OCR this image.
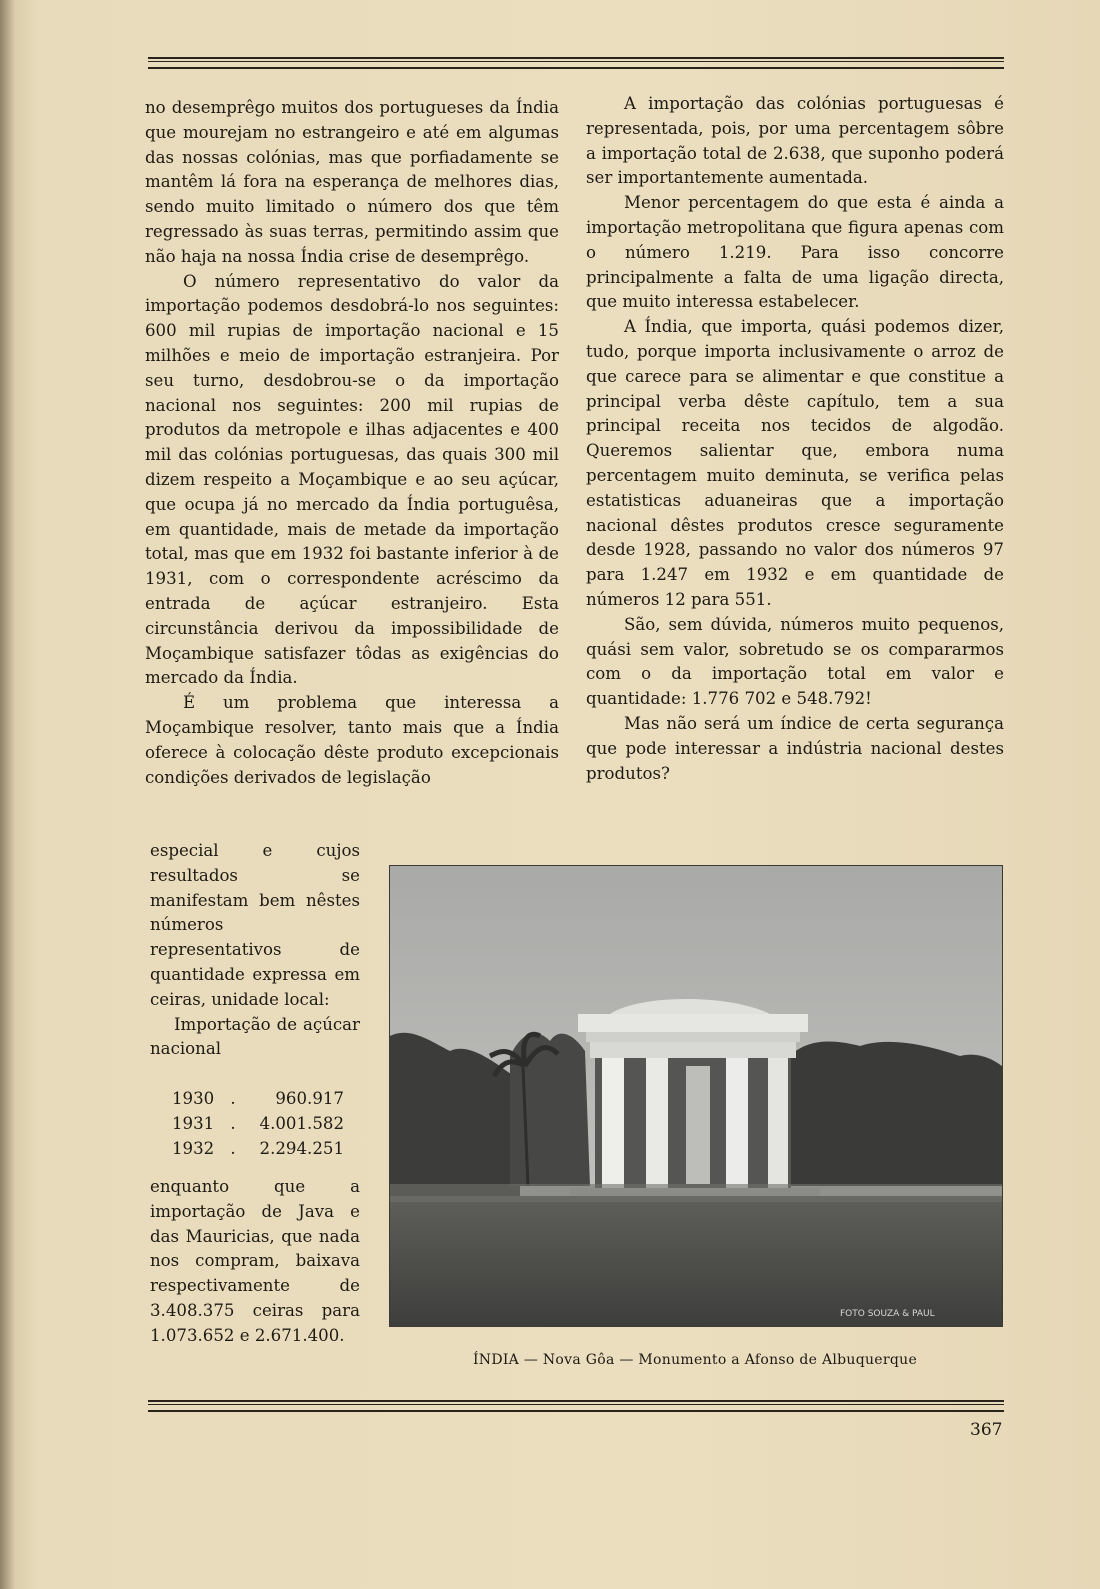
no desemprêgo muitos dos portugueses da Índia que mourejam no estrangeiro e até em algumas das nossas colónias, mas que porfiadamente se mantêm lá fora na esperança de melhores dias, sendo muito limitado o número dos que têm regressado às suas terras, permitindo assim que não haja na nossa Índia crise de desemprêgo.

O número representativo do valor da importação podemos desdobrá-lo nos seguintes: 600 mil rupias de importação nacional e 15 milhões e meio de importação estranjeira. Por seu turno, desdobrou-se o da importação nacional nos seguintes: 200 mil rupias de produtos da metropole e ilhas adjacentes e 400 mil das colónias portuguesas, das quais 300 mil dizem respeito a Moçambique e ao seu açúcar, que ocupa já no mercado da Índia portuguêsa, em quantidade, mais de metade da importação total, mas que em 1932 foi bastante inferior à de 1931, com o correspondente acréscimo da entrada de açúcar estranjeiro. Esta circunstância derivou da impossibilidade de Moçambique satisfazer tôdas as exigências do mercado da Índia.

É um problema que interessa a Moçambique resolver, tanto mais que a Índia oferece à colocação dêste produto excepcionais condições derivados de legislação

especial e cujos resultados se manifestam bem nêstes números representativos de quantidade expressa em ceiras, unidade local:

Importação de açúcar nacional

1930 .	960.917
1931 .	4.001.582
1932 .	2.294.251

enquanto que a importação de Java e das Mauricias, que nada nos compram, baixava respectivamente de 3.408.375 ceiras para 1.073.652 e 2.671.400.

A importação das colónias portuguesas é representada, pois, por uma percentagem sôbre a importação total de 2.638, que suponho poderá ser importantemente aumentada.

Menor percentagem do que esta é ainda a importação metropolitana que figura apenas com o número 1.219. Para isso concorre principalmente a falta de uma ligação directa, que muito interessa estabelecer.

A Índia, que importa, quási podemos dizer, tudo, porque importa inclusivamente o arroz de que carece para se alimentar e que constitue a principal verba dêste capítulo, tem a sua principal receita nos tecidos de algodão. Queremos salientar que, embora numa percentagem muito deminuta, se verifica pelas estatisticas aduaneiras que a importação nacional dêstes produtos cresce seguramente desde 1928, passando no valor dos números 97 para 1.247 em 1932 e em quantidade de números 12 para 551.

São, sem dúvida, números muito pequenos, quási sem valor, sobretudo se os compararmos com o da importação total em valor e quantidade: 1.776 702 e 548.792!

Mas não será um índice de certa segurança que pode interessar a indústria nacional destes produtos?

FOTO SOUZA & PAUL
ÍNDIA — Nova Gôa — Monumento a Afonso de Albuquerque
367
